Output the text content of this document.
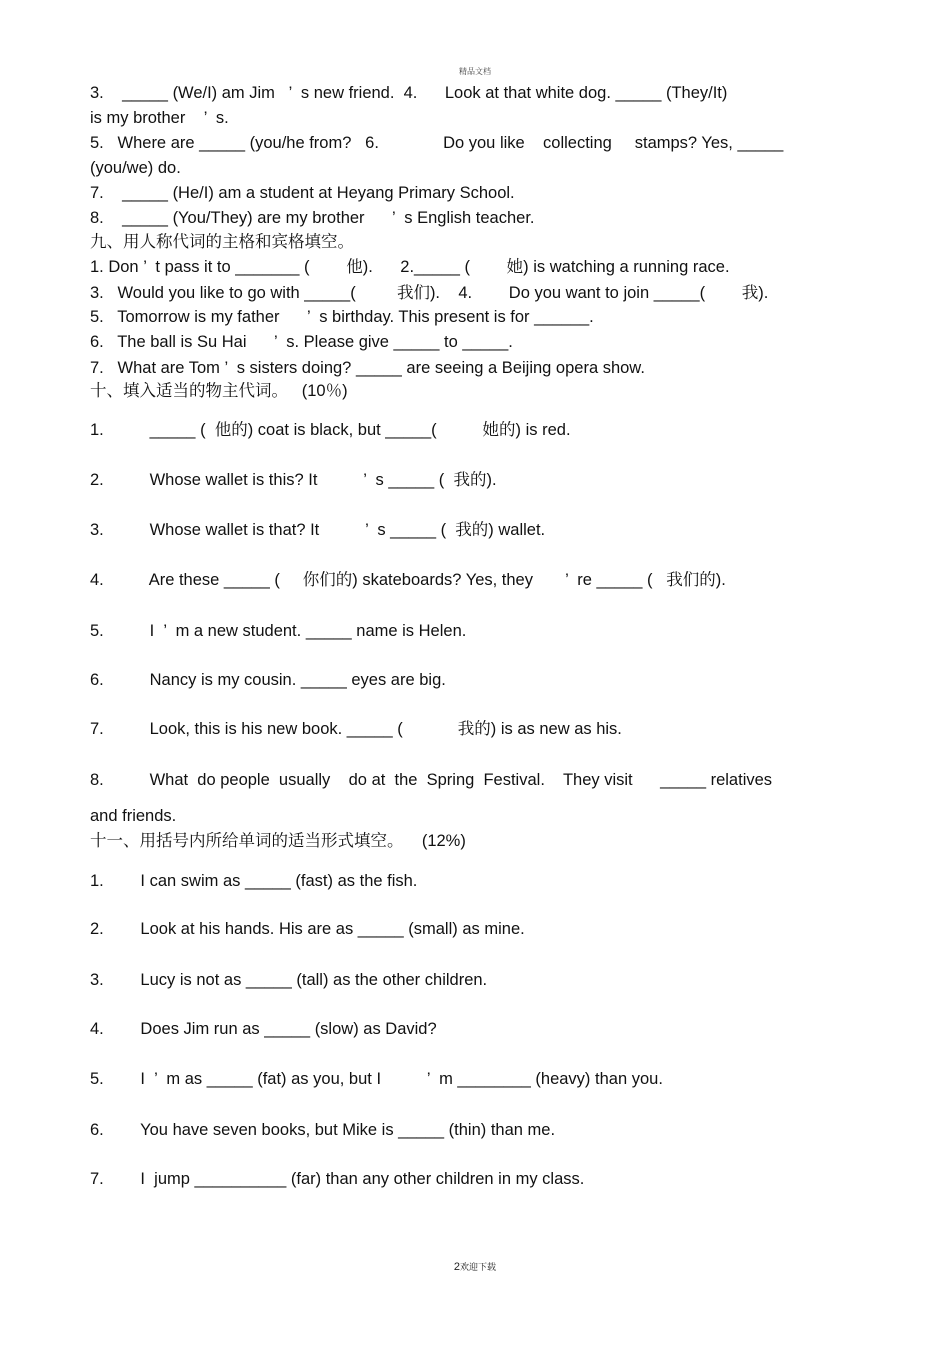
精品文档
3.    _____ (We/I) am Jim   ’  s new friend.  4.      Look at that white dog. _____ (They/It)
is my brother    ’  s.
5.   Where are _____ (you/he from?   6.              Do you like    collecting     stamps? Yes, _____
(you/we) do.
7.    _____ (He/I) am a student at Heyang Primary School.
8.    _____ (You/They) are my brother      ’  s English teacher.
九、用人称代词的主格和宾格填空。
1. Don ’  t pass it to _______ (        他).      2._____ (        她) is watching a running race.
3.   Would you like to go with _____(         我们).    4.        Do you want to join _____(        我).
5.   Tomorrow is my father      ’  s birthday. This present is for ______.
6.   The ball is Su Hai      ’  s. Please give _____ to _____.
7.   What are Tom ’  s sisters doing? _____ are seeing a Beijing opera show.
十、填入适当的物主代词。   (10％)
1.          _____ (  他的) coat is black, but _____(          她的) is red.
2.          Whose wallet is this? It          ’  s _____ (  我的).
3.          Whose wallet is that? It          ’  s _____ (  我的) wallet.
4.          Are these _____ (     你们的) skateboards? Yes, they       ’  re _____ (   我们的).
5.          I  ’  m a new student. _____ name is Helen.
6.          Nancy is my cousin. _____ eyes are big.
7.          Look, this is his new book. _____ (            我的) is as new as his.
8.          What  do people  usually    do at  the  Spring  Festival.    They visit      _____ relatives
and friends.
十一、用括号内所给单词的适当形式填空。    (12%)
1.        I can swim as _____ (fast) as the fish.
2.        Look at his hands. His are as _____ (small) as mine.
3.        Lucy is not as _____ (tall) as the other children.
4.        Does Jim run as _____ (slow) as David?
5.        I  ’  m as _____ (fat) as you, but I          ’  m ________ (heavy) than you.
6.        You have seven books, but Mike is _____ (thin) than me.
7.        I  jump __________ (far) than any other children in my class.
2欢迎下载
